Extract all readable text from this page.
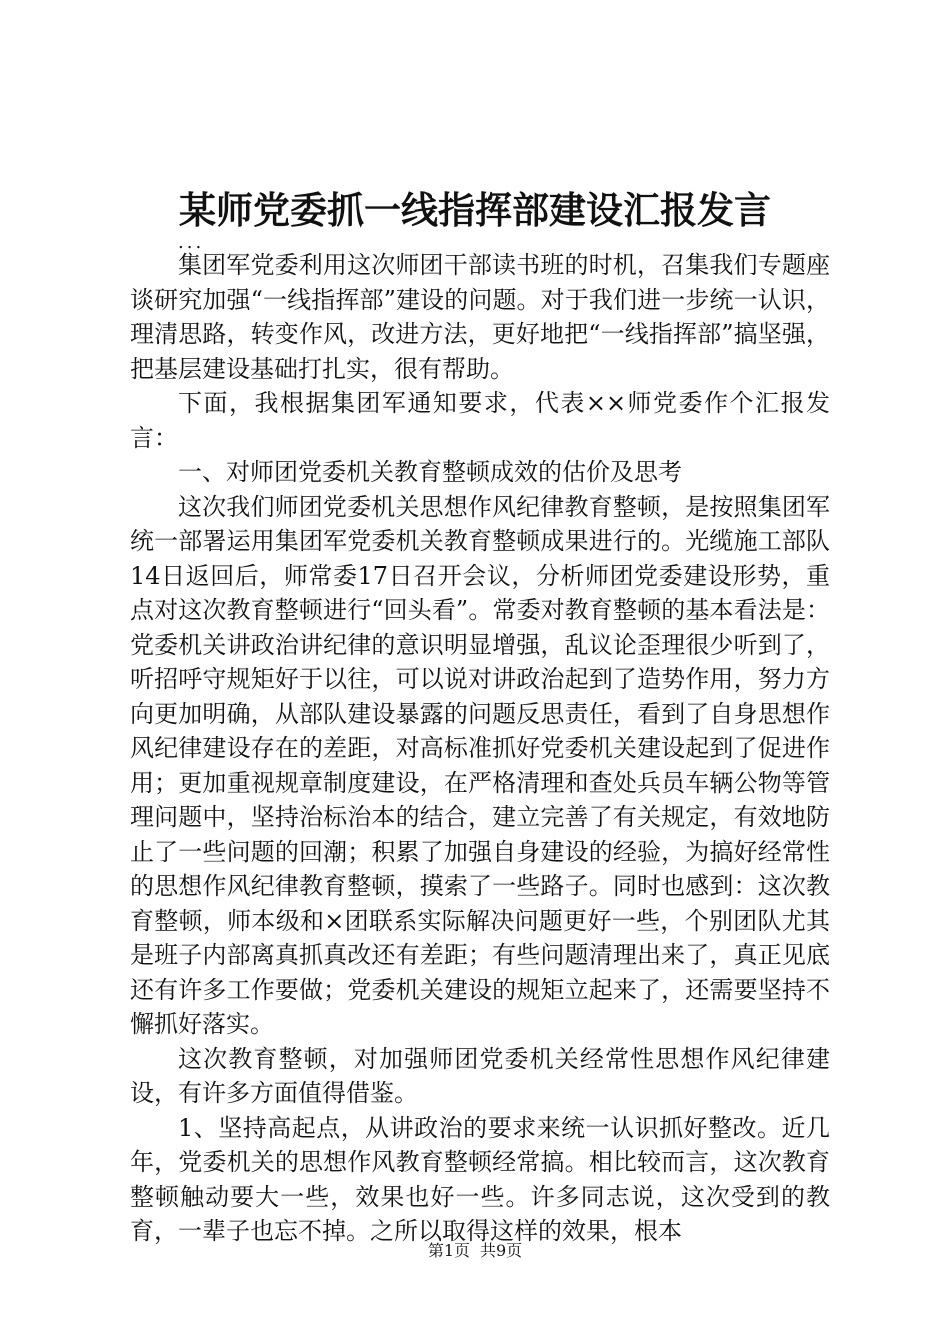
某师党委抓一线指挥部建设汇报发言
...

集团军党委利用这次师团干部读书班的时机，召集我们专题座谈研究加强“一线指挥部”建设的问题。对于我们进一步统一认识，理清思路，转变作风，改进方法，更好地把“一线指挥部”搞坚强，把基层建设基础打扎实，很有帮助。

下面，我根据集团军通知要求，代表××师党委作个汇报发言：

一、对师团党委机关教育整顿成效的估价及思考

这次我们师团党委机关思想作风纪律教育整顿，是按照集团军统一部署运用集团军党委机关教育整顿成果进行的。光缆施工部队14日返回后，师常委17日召开会议，分析师团党委建设形势，重点对这次教育整顿进行“回头看”。常委对教育整顿的基本看法是：党委机关讲政治讲纪律的意识明显增强，乱议论歪理很少听到了，听招呼守规矩好于以往，可以说对讲政治起到了造势作用，努力方向更加明确，从部队建设暴露的问题反思责任，看到了自身思想作风纪律建设存在的差距，对高标准抓好党委机关建设起到了促进作用；更加重视规章制度建设，在严格清理和查处兵员车辆公物等管理问题中，坚持治标治本的结合，建立完善了有关规定，有效地防止了一些问题的回潮；积累了加强自身建设的经验，为搞好经常性的思想作风纪律教育整顿，摸索了一些路子。同时也感到：这次教育整顿，师本级和×团联系实际解决问题更好一些，个别团队尤其是班子内部离真抓真改还有差距；有些问题清理出来了，真正见底还有许多工作要做；党委机关建设的规矩立起来了，还需要坚持不懈抓好落实。

这次教育整顿，对加强师团党委机关经常性思想作风纪律建设，有许多方面值得借鉴。

1、坚持高起点，从讲政治的要求来统一认识抓好整改。近几年，党委机关的思想作风教育整顿经常搞。相比较而言，这次教育整顿触动要大一些，效果也好一些。许多同志说，这次受到的教育，一辈子也忘不掉。之所以取得这样的效果，根本

第1页 共9页
